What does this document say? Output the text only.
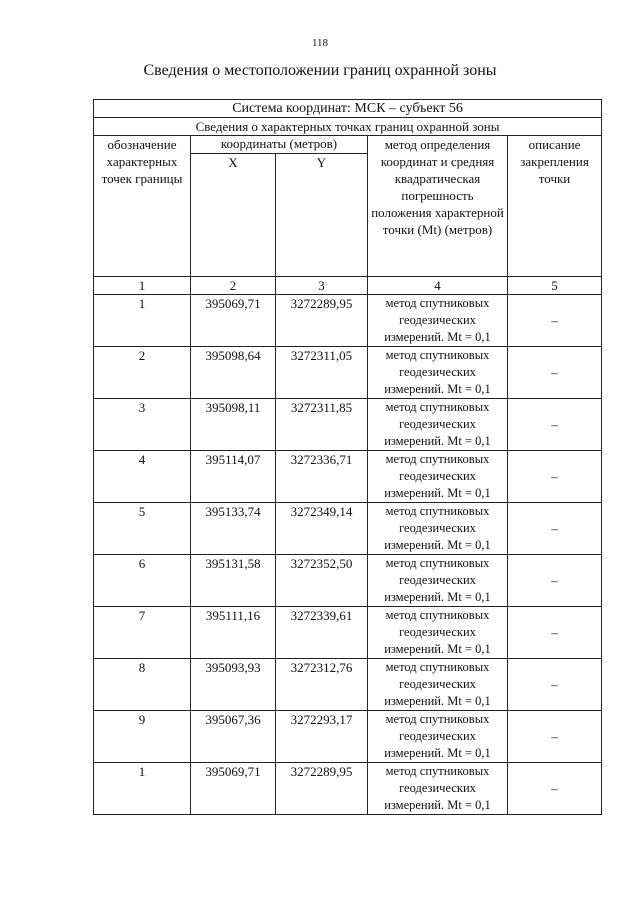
118
Сведения о местоположении границ охранной зоны
Система координат: МСК – субъект 56				
Сведения о характерных точках границ охранной зоны				
обозначение характерных точек границы	координаты (метров)		метод определения координат и средняя квадратическая погрешность положения характерной точки (Mt) (метров)	описание закрепления точки
	X	Y		
1	2	3	4	5
1	395069,71	3272289,95	метод спутниковых геодезических измерений. Mt = 0,1	–
2	395098,64	3272311,05	метод спутниковых геодезических измерений. Mt = 0,1	–
3	395098,11	3272311,85	метод спутниковых геодезических измерений. Mt = 0,1	–
4	395114,07	3272336,71	метод спутниковых геодезических измерений. Mt = 0,1	–
5	395133,74	3272349,14	метод спутниковых геодезических измерений. Mt = 0,1	–
6	395131,58	3272352,50	метод спутниковых геодезических измерений. Mt = 0,1	–
7	395111,16	3272339,61	метод спутниковых геодезических измерений. Mt = 0,1	–
8	395093,93	3272312,76	метод спутниковых геодезических измерений. Mt = 0,1	–
9	395067,36	3272293,17	метод спутниковых геодезических измерений. Mt = 0,1	–
1	395069,71	3272289,95	метод спутниковых геодезических измерений. Mt = 0,1	–
